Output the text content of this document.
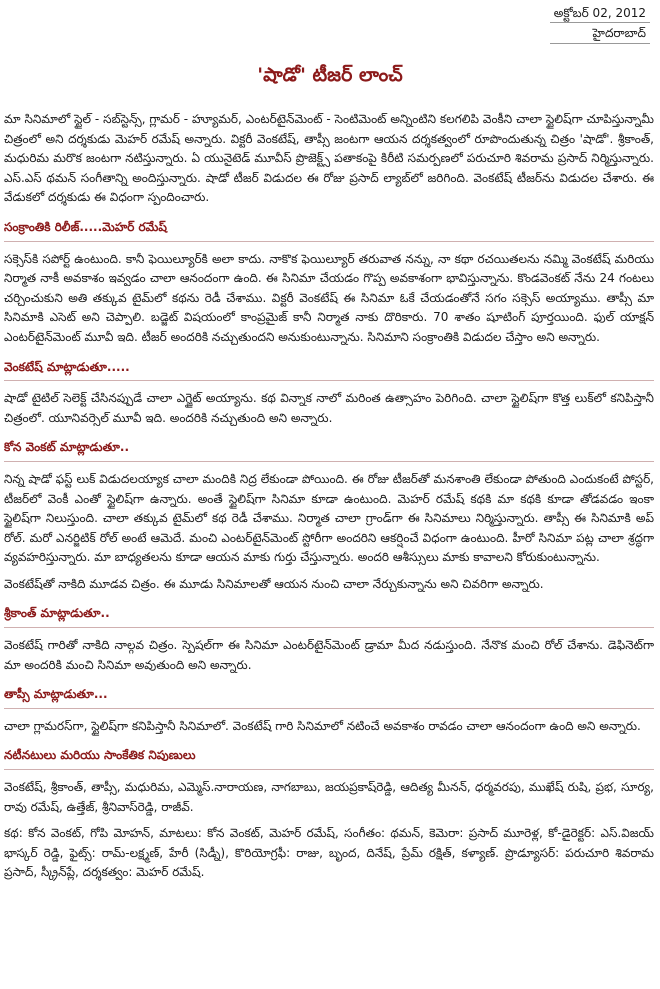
అక్టోబర్ 02, 2012
హైదరాబాద్
'షాడో' టీజర్ లాంచ్

మా సినిమాలో స్టైల్ - సబ్‌స్టెన్స్, గ్లామర్ - హ్యూమర్, ఎంటర్‌టైన్‌మెంట్ - సెంటిమెంట్ అన్నింటిని కలగలిపి వెంకీని చాలా స్టైలిష్‌గా చూపిస్తున్నామీ చిత్రంలో అని దర్శకుడు మెహర్ రమేష్ అన్నారు. విక్టరీ వెంకటేష్, తాప్సీ జంటగా ఆయన దర్శకత్వంలో రూపొందుతున్న చిత్రం 'షాడో'. శ్రీకాంత్, మధురిమ మరొక జంటగా నటిస్తున్నారు. ఏ యునైటెడ్ మూవీస్ ప్రొజెక్ట్స్ పతాకంపై కిరీటి సమర్పణలో పరుచూరి శివరామ ప్రసాద్ నిర్మిస్తున్నారు. ఎస్.ఎస్ థమన్ సంగీతాన్ని అందిస్తున్నారు. షాడో టీజర్ విడుదల ఈ రోజు ప్రసాద్ ల్యాబ్‌లో జరిగింది. వెంకటేష్ టీజర్‌ను విడుదల చేశారు. ఈ వేడుకలో దర్శకుడు ఈ విధంగా స్పందించారు.

సంక్రాంతికి రిలీజ్.....మెహర్ రమేష్

సక్సెస్‌కి సపోర్ట్ ఉంటుంది. కానీ ఫెయిల్యూర్‌కి అలా కాదు. నాకొక ఫెయిల్యూర్ తరువాత నన్ను, నా కథా రచయితలను నమ్మి వెంకటేష్ మరియు నిర్మాత నాకీ అవకాశం ఇవ్వడం చాలా ఆనందంగా ఉంది. ఈ సినిమా చేయడం గొప్ప అవకాశంగా భావిస్తున్నాను. కొండవెంకట్ నేను 24 గంటలు చర్చించుకుని అతి తక్కువ టైమ్‌లో కథను రెడీ చేశాము. విక్టరీ వెంకటేష్ ఈ సినిమా ఓకే చేయడంతోనే సగం సక్సెస్ అయ్యాము. తాప్సీ మా సినిమాకి ఎసెట్ అని చెప్పాలి. బడ్జెట్ విషయంలో కాంప్రమైజ్ కానీ నిర్మాత నాకు దొరికారు. 70 శాతం షూటింగ్ పూర్తయింది. ఫుల్ యాక్షన్ ఎంటర్‌టైన్‌మెంట్ మూవీ ఇది. టీజర్ అందరికి నచ్చుతుందని అనుకుంటున్నాను. సినిమాని సంక్రాంతికి విడుదల చేస్తాం అని అన్నారు.

వెంకటేష్ మాట్లాడుతూ.....

షాడో టైటిల్ సెలెక్ట్ చేసినప్పుడే చాలా ఎగ్జైట్ అయ్యాను. కథ విన్నాక నాలో మరింత ఉత్సాహం పెరిగింది. చాలా స్టైలిష్‌గా కొత్త లుక్‌లో కనిపిస్తానీ చిత్రంలో. యూనివర్సెల్ మూవీ ఇది. అందరికి నచ్చుతుంది అని అన్నారు.

కోన వెంకట్ మాట్లాడుతూ..

నిన్న షాడో ఫస్ట్ లుక్ విడుదలయ్యాక చాలా మందికి నిద్ర లేకుండా పోయింది. ఈ రోజు టీజర్‌తో మనశాంతి లేకుండా పోతుంది ఎందుకంటే పోస్టర్, టీజర్‌లో వెంకీ ఎంతో స్టైలిష్‌గా ఉన్నారు. అంతే స్టైలిష్‌గా సినిమా కూడా ఉంటుంది. మెహర్ రమేష్ కథకి మా కథకి కూడా తోడవడం ఇంకా స్టైలిష్‌గా నిలుస్తుంది. చాలా తక్కువ టైమ్‌లో కథ రెడీ చేశాము. నిర్మాత చాలా గ్రాండ్‌గా ఈ సినిమాలు నిర్మిస్తున్నారు. తాప్సీ ఈ సినిమాకి అప్ రోల్. మరో ఎనర్జిటిక్ రోల్ అంటే ఆమెదే. మంచి ఎంటర్‌టైన్‌మెంట్ స్టోరీగా అందరిని ఆకర్షించే విధంగా ఉంటుంది. హీరో సినిమా పట్ల చాలా శ్రద్ధగా వ్యవహరిస్తున్నారు. మా బాధ్యతలను కూడా ఆయన మాకు గుర్తు చేస్తున్నారు. అందరి ఆశీస్సులు మాకు కావాలని కోరుకుంటున్నాను.

వెంకటేష్‌తో నాకిది మూడవ చిత్రం. ఈ మూడు సినిమాలతో ఆయన నుంచి చాలా నేర్చుకున్నాను అని చివరిగా అన్నారు.

శ్రీకాంత్ మాట్లాడుతూ..

వెంకటేష్ గారితో నాకిది నాల్గవ చిత్రం. స్పెషల్‌గా ఈ సినిమా ఎంటర్‌టైన్‌మెంట్ డ్రామా మీద నడుస్తుంది. నేనొక మంచి రోల్ చేశాను. డెఫినెట్‌గా మా అందరికి మంచి సినిమా అవుతుంది అని అన్నారు.

తాప్సీ మాట్లాడుతూ...

చాలా గ్లామరస్‌గా, స్టైలిష్‌గా కనిపిస్తానీ సినిమాలో. వెంకటేష్ గారి సినిమాలో నటించే అవకాశం రావడం చాలా ఆనందంగా ఉంది అని అన్నారు.

నటీనటులు మరియు సాంకేతిక నిపుణులు

వెంకటేష్, శ్రీకాంత్, తాప్సీ, మధురిమ, ఎమ్మెస్.నారాయణ, నాగబాబు, జయప్రకాష్‌రెడ్డి, ఆదిత్య మీనన్, ధర్మవరపు, ముఖేష్ రుషి, ప్రభ, సూర్య, రావు రమేష్, ఉత్తేజ్, శ్రీనివాస్‌రెడ్డి, రాజీవ్.

కథ: కోన వెంకట్, గోపి మోహన్, మాటలు: కోన వెంకట్, మెహర్ రమేష్, సంగీతం: థమన్, కెమెరా: ప్రసాద్ మూరెళ్ల, కో-డైరెక్టర్: ఎస్.విజయ్ భాస్కర్ రెడ్డి, ఫైట్స్: రామ్-లక్ష్మణ్, హేరీ (సిడ్నీ), కొరియోగ్రఫీ: రాజు, బృంద, దినేష్, ప్రేమ్ రక్షిత్, కళ్యాణ్. ప్రొడ్యూసర్: పరుచూరి శివరామ ప్రసాద్, స్క్రీన్‌ప్లే, దర్శకత్వం: మెహర్ రమేష్.
